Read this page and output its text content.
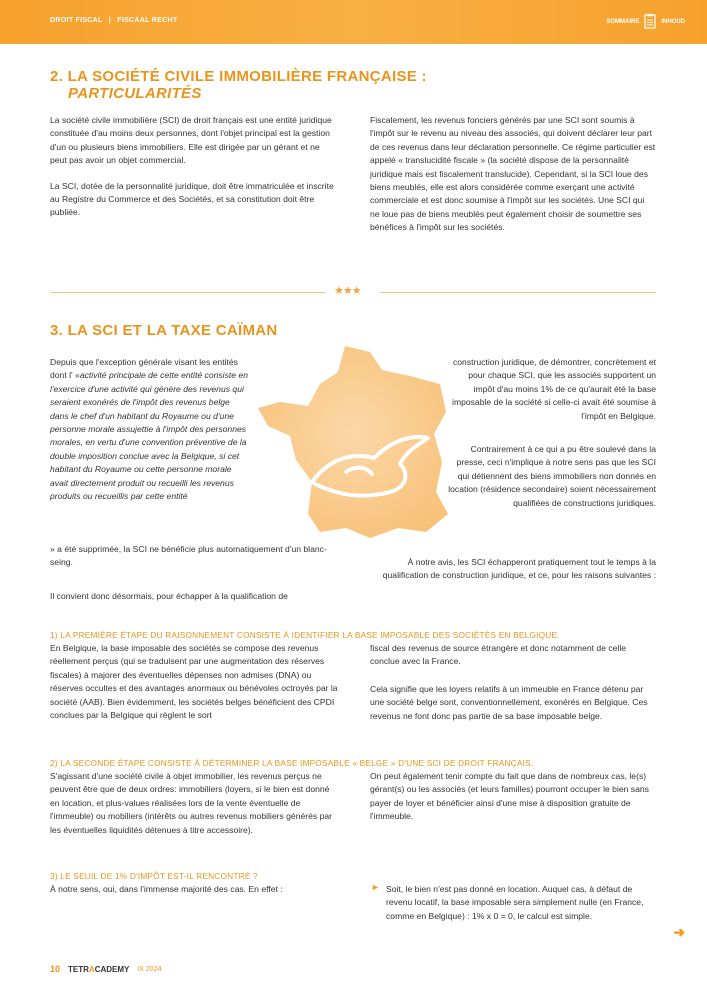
DROIT FISCAL | FISCAAL RECHT	SOMMAIRE	INHOUD
2. LA SOCIÉTÉ CIVILE IMMOBILIÈRE FRANÇAISE :
PARTICULARITÉS

La société civile immobilière (SCI) de droit français est une entité juridique constituée d'au moins deux personnes, dont l'objet principal est la gestion d'un ou plusieurs biens immobiliers. Elle est dirigée par un gérant et ne peut pas avoir un objet commercial.

La SCI, dotée de la personnalité juridique, doit être immatriculée et inscrite au Registre du Commerce et des Sociétés, et sa constitution doit être publiée.

Fiscalement, les revenus fonciers générés par une SCI sont soumis à l'impôt sur le revenu au niveau des associés, qui doivent déclarer leur part de ces revenus dans leur déclaration personnelle. Ce régime particulier est appelé « translucidité fiscale » (la société dispose de la personnalité juridique mais est fiscalement translucide). Cependant, si la SCI loue des biens meublés, elle est alors considérée comme exerçant une activité commerciale et est donc soumise à l'impôt sur les sociétés. Une SCI qui ne loue pas de biens meublés peut également choisir de soumettre ses bénéfices à l'impôt sur les sociétés.

★★★
3. LA SCI ET LA TAXE CAÏMAN

Depuis que l'exception générale visant les entités dont l' «activité principale de cette entité consiste en l'exercice d'une activité qui génère des revenus qui seraient exonérés de l'impôt des revenus belge dans le chef d'un habitant du Royaume ou d'une personne morale assujettie à l'impôt des personnes morales, en vertu d'une convention préventive de la double imposition conclue avec la Belgique, si cet habitant du Royaume ou cette personne morale avait directement produit ou recueilli les revenus produits ou recueillis par cette entité

» a été supprimée, la SCI ne bénéficie plus automatiquement d'un blanc-seing.

Il convient donc désormais, pour échapper à la qualification de

construction juridique, de démontrer, concrètement et pour chaque SCI, que les associés supportent un impôt d'au moins 1% de ce qu'aurait été la base imposable de la société si celle-ci avait été soumise à l'impôt en Belgique.

Contrairement à ce qui a pu être soulevé dans la presse, ceci n'implique à notre sens pas que les SCI qui détiennent des biens immobiliers non donnés en location (résidence secondaire) soient nécessairement qualifiées de constructions juridiques.

À notre avis, les SCI échapperont pratiquement tout le temps à la qualification de construction juridique, et ce, pour les raisons suivantes :

1) LA PREMIÈRE ÉTAPE DU RAISONNEMENT CONSISTE À IDENTIFIER LA BASE IMPOSABLE DES SOCIÉTÉS EN BELGIQUE.

En Belgique, la base imposable des sociétés se compose des revenus réellement perçus (qui se traduisent par une augmentation des réserves fiscales) à majorer des éventuelles dépenses non admises (DNA) ou réserves occultes et des avantages anormaux ou bénévoles octroyés par la société (AAB). Bien évidemment, les sociétés belges bénéficient des CPDI conclues par la Belgique qui règlent le sort

fiscal des revenus de source étrangère et donc notamment de celle conclue avec la France.

Cela signifie que les loyers relatifs à un immeuble en France détenu par une société belge sont, conventionnellement, exonérés en Belgique. Ces revenus ne font donc pas partie de sa base imposable belge.

2) LA SECONDE ÉTAPE CONSISTE À DÉTERMINER LA BASE IMPOSABLE « BELGE » D'UNE SCI DE DROIT FRANÇAIS.

S'agissant d'une société civile à objet immobilier, les revenus perçus ne peuvent être que de deux ordres: immobiliers (loyers, si le bien est donné en location, et plus-values réalisées lors de la vente éventuelle de l'immeuble) ou mobiliers (intérêts ou autres revenus mobiliers générés par les éventuelles liquidités détenues à titre accessoire).

On peut également tenir compte du fait que dans de nombreux cas, le(s) gérant(s) ou les associés (et leurs familles) pourront occuper le bien sans payer de loyer et bénéficier ainsi d'une mise à disposition gratuite de l'immeuble.

3) LE SEUIL DE 1% D'IMPÔT EST-IL RENCONTRÉ ?

À notre sens, oui, dans l'immense majorité des cas. En effet :	► Soit, le bien n'est pas donné en location. Auquel cas, à défaut de revenu locatif, la base imposable sera simplement nulle (en France, comme en Belgique) : 1% x 0 = 0, le calcul est simple.

➜
10 TETRACADEMY IX 2024
